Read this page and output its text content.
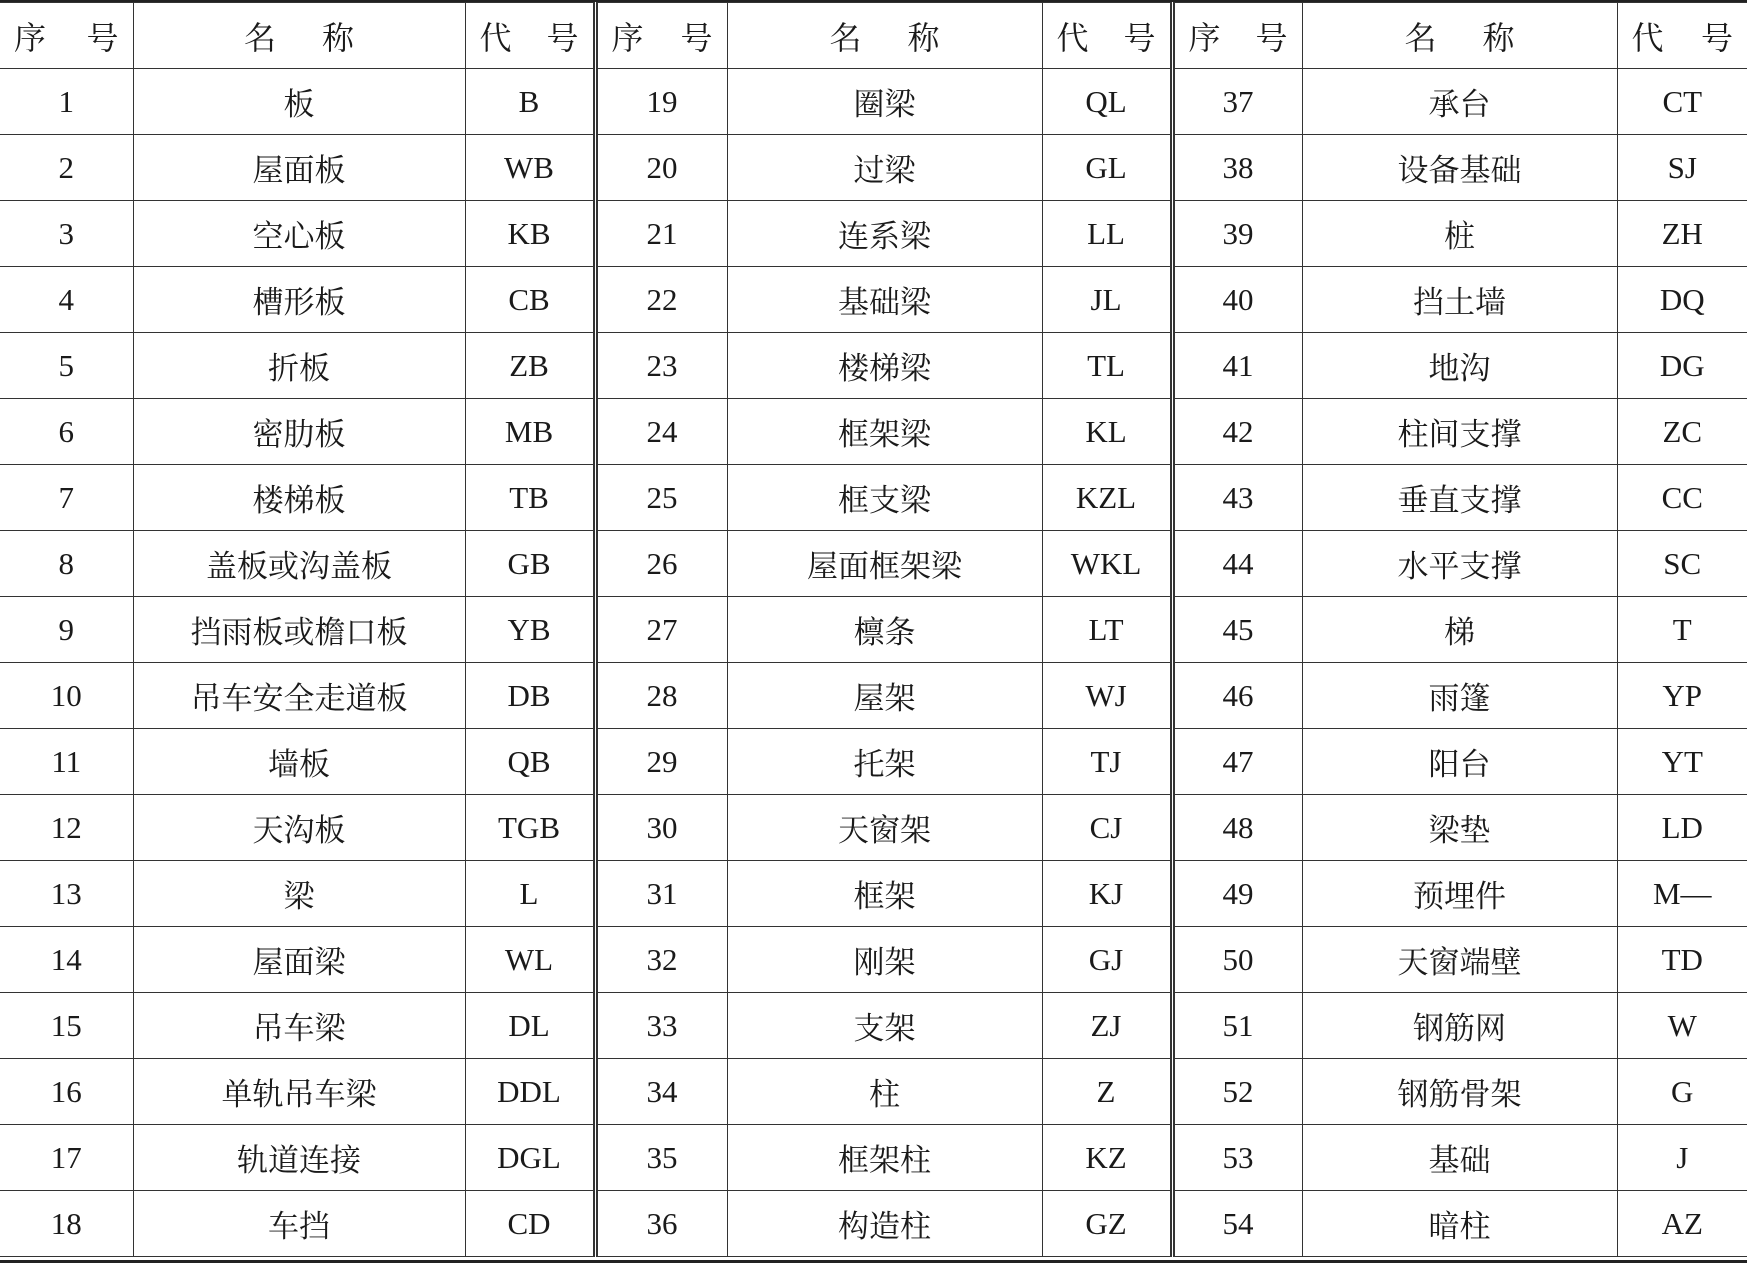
序 号	名 称	代 号	序 号	名 称	代 号	序 号	名 称	代 号

1	板	B	19	圈梁	QL	37	承台	CT
2	屋面板	WB	20	过梁	GL	38	设备基础	SJ
3	空心板	KB	21	连系梁	LL	39	桩	ZH
4	槽形板	CB	22	基础梁	JL	40	挡土墙	DQ
5	折板	ZB	23	楼梯梁	TL	41	地沟	DG
6	密肋板	MB	24	框架梁	KL	42	柱间支撑	ZC
7	楼梯板	TB	25	框支梁	KZL	43	垂直支撑	CC
8	盖板或沟盖板	GB	26	屋面框架梁	WKL	44	水平支撑	SC
9	挡雨板或檐口板	YB	27	檩条	LT	45	梯	T
10	吊车安全走道板	DB	28	屋架	WJ	46	雨篷	YP
11	墙板	QB	29	托架	TJ	47	阳台	YT
12	天沟板	TGB	30	天窗架	CJ	48	梁垫	LD
13	梁	L	31	框架	KJ	49	预埋件	M—
14	屋面梁	WL	32	刚架	GJ	50	天窗端壁	TD
15	吊车梁	DL	33	支架	ZJ	51	钢筋网	W
16	单轨吊车梁	DDL	34	柱	Z	52	钢筋骨架	G
17	轨道连接	DGL	35	框架柱	KZ	53	基础	J
18	车挡	CD	36	构造柱	GZ	54	暗柱	AZ
